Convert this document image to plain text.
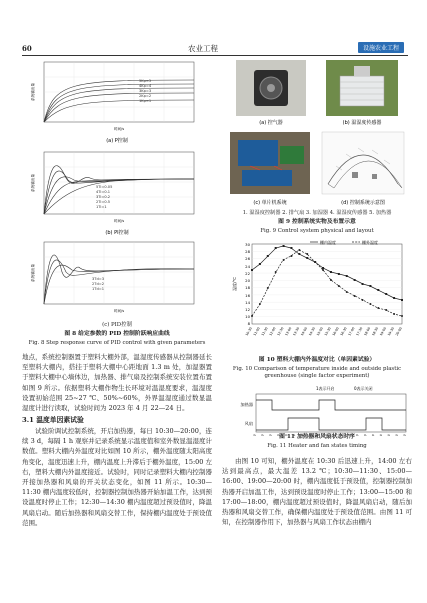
60	农业工程	设施农业工程
5Kp=5
4Kp=4
3Kp=3
2Kp=2
1Kp=1
时间/s
系统输出量
(a) P控制
5Ti=0.05
4Ti=0.1
3Ti=0.2
2Ti=0.5
1Ti=1
时间/s
系统输出量
(b) PI控制
3Td=3
2Td=2
1Td=1
时间/s
系统输出量
(c) PID控制
图 8 给定参数的 PID 控制阶跃响应曲线
Fig. 8 Step response curve of PID control with given parameters
(a) 控气器	(b) 温湿度传感器
(c) 单片机系统	(d) 控制系统示意图
1. 温湿度控制器 2. 排气扇 3. 加湿器 4. 温湿度传感器 5. 加热器
图 9 控制系统实物及布置示意
Fig. 9 Control system physical and layout
棚内温度	棚外温度
30
28
26
24
22
20
18
16
14
12
10
8
温度/℃
10:30 11:00 11:30 12:00 12:30 13:00 13:30 14:00 14:30 15:00 15:30 16:00 16:30 17:00 17:30 18:00 18:30 19:00 19:30 20:00
图 10 塑料大棚内外温度对比（单因素试验）
Fig. 10 Comparison of temperature inside and outside plastic greenhouse (single factor experiment)
1表示开启	0表示关闭
加热器
风扇
图 11 加热器和风扇状态时序
Fig. 11 Heater and fan states timing
地点，系统控制器置于塑料大棚外部，温湿度传感器从控制器延长至塑料大棚内，搭挂于塑料大棚中心距地面 1.3 m 处，加湿器置于塑料大棚中心墙体边，加热器、排气扇及控制系统安装位置布置如图 9 所示。依据塑料大棚作物生长环境对温湿度要求，温湿度设置初始范围 25~27 ℃、50%~60%，外界温湿度通过数显温湿度计进行读取，试验时间为 2023 年 4 月 22—24 日。
3.1 温度单因素试验
试验阶调试控制系统，开启加热器，每日 10:30—20:00，连续 3 d，每隔 1 h 观察并记录系统显示温度值和室外数显温湿度计数值。塑料大棚内外温度对比如图 10 所示，棚外温度随太阳高度角变化，温度迅速上升，棚内温度上升滞后于棚外温度，15:00 左右，塑料大棚内外温度接近。试验时，同时记录塑料大棚内控制器开接加热器和风扇的开关状态变化，如图 11 所示。10:30—11:30 棚内温度较低时，控制器控制加热器开始加温工作，达到预设温度时停止工作；12:30—14:30 棚内温度超过预设值时，降温风扇启动。随后加热器和风扇交替工作，保持棚内温度处于预设值范围。
由图 10 可知，棚外温度在 10:30 后迅速上升，14:00 左右达到最高点，最大温差 13.2 ℃；10:30—11:30、15:00—16:00、19:00—20:00 时，棚内温度低于预设值，控制器控制加热器开启加温工作，达到预设温度时停止工作；13:00—15:00 和 17:00—18:00，棚内温度超过预设值时，降温风扇启动，随后加热器和风扇交替工作，确保棚内温度处于预设值范围。由图 11 可知，在控制器作用下，加热器与风扇工作状态由棚内
